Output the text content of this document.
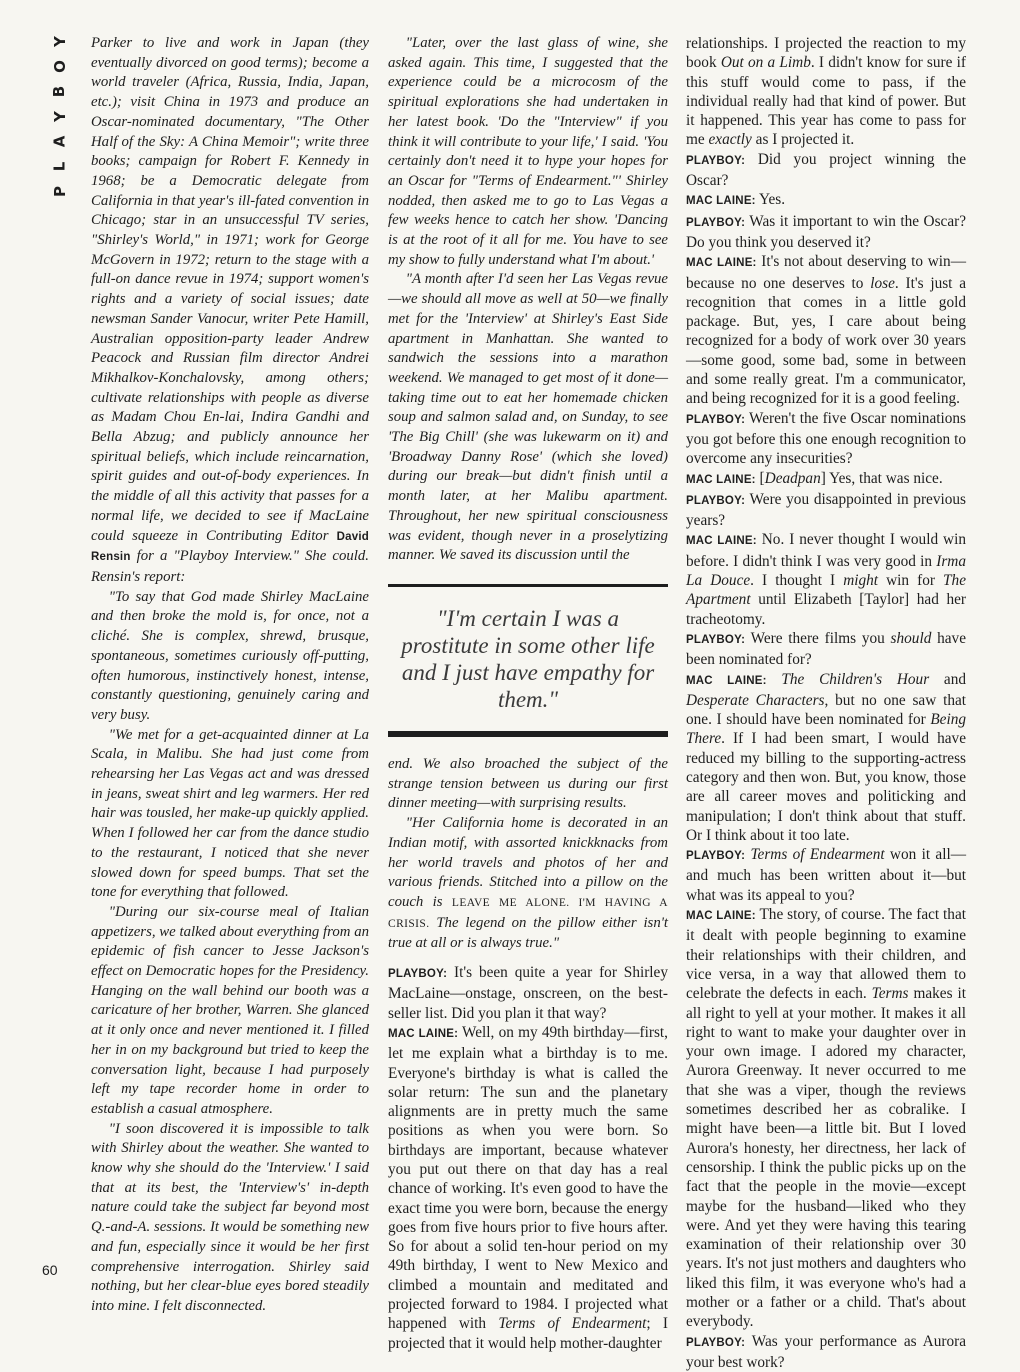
Y
O
B
Y
A
L
P

Parker to live and work in Japan (they eventually divorced on good terms); become a world traveler (Africa, Russia, India, Japan, etc.); visit China in 1973 and produce an Oscar-nominated documentary, "The Other Half of the Sky: A China Memoir"; write three books; campaign for Robert F. Kennedy in 1968; be a Democratic delegate from California in that year's ill-fated convention in Chicago; star in an unsuccessful TV series, "Shirley's World," in 1971; work for George McGovern in 1972; return to the stage with a full-on dance revue in 1974; support women's rights and a variety of social issues; date newsman Sander Vanocur, writer Pete Hamill, Australian opposition-party leader Andrew Peacock and Russian film director Andrei Mikhalkov-Konchalovsky, among others; cultivate relationships with people as diverse as Madam Chou En-lai, Indira Gandhi and Bella Abzug; and publicly announce her spiritual beliefs, which include reincarnation, spirit guides and out-of-body experiences. In the middle of all this activity that passes for a normal life, we decided to see if MacLaine could squeeze in Contributing Editor David Rensin for a "Playboy Interview." She could. Rensin's report:

"To say that God made Shirley MacLaine and then broke the mold is, for once, not a cliché. She is complex, shrewd, brusque, spontaneous, sometimes curiously off-putting, often humorous, instinctively honest, intense, constantly questioning, genuinely caring and very busy.

"We met for a get-acquainted dinner at La Scala, in Malibu. She had just come from rehearsing her Las Vegas act and was dressed in jeans, sweat shirt and leg warmers. Her red hair was tousled, her make-up quickly applied. When I followed her car from the dance studio to the restaurant, I noticed that she never slowed down for speed bumps. That set the tone for everything that followed.

"During our six-course meal of Italian appetizers, we talked about everything from an epidemic of fish cancer to Jesse Jackson's effect on Democratic hopes for the Presidency. Hanging on the wall behind our booth was a caricature of her brother, Warren. She glanced at it only once and never mentioned it. I filled her in on my background but tried to keep the conversation light, because I had purposely left my tape recorder home in order to establish a casual atmosphere.

"I soon discovered it is impossible to talk with Shirley about the weather. She wanted to know why she should do the 'Interview.' I said that at its best, the 'Interview's' in-depth nature could take the subject far beyond most Q.-and-A. sessions. It would be something new and fun, especially since it would be her first comprehensive interrogation. Shirley said nothing, but her clear-blue eyes bored steadily into mine. I felt disconnected.

"Later, over the last glass of wine, she asked again. This time, I suggested that the experience could be a microcosm of the spiritual explorations she had undertaken in her latest book. 'Do the "Interview" if you think it will contribute to your life,' I said. 'You certainly don't need it to hype your hopes for an Oscar for "Terms of Endearment."' Shirley nodded, then asked me to go to Las Vegas a few weeks hence to catch her show. 'Dancing is at the root of it all for me. You have to see my show to fully understand what I'm about.'

"A month after I'd seen her Las Vegas revue—we should all move as well at 50—we finally met for the 'Interview' at Shirley's East Side apartment in Manhattan. She wanted to sandwich the sessions into a marathon weekend. We managed to get most of it done—taking time out to eat her homemade chicken soup and salmon salad and, on Sunday, to see 'The Big Chill' (she was lukewarm on it) and 'Broadway Danny Rose' (which she loved) during our break—but didn't finish until a month later, at her Malibu apartment. Throughout, her new spiritual consciousness was evident, though never in a proselytizing manner. We saved its discussion until the

"I'm certain I was a prostitute in some other life and I just have empathy for them."

end. We also broached the subject of the strange tension between us during our first dinner meeting—with surprising results.

"Her California home is decorated in an Indian motif, with assorted knickknacks from her world travels and photos of her and various friends. Stitched into a pillow on the couch is LEAVE ME ALONE. I'M HAVING A CRISIS. The legend on the pillow either isn't true at all or is always true."

PLAYBOY: It's been quite a year for Shirley MacLaine—onstage, onscreen, on the best-seller list. Did you plan it that way?

MAC LAINE: Well, on my 49th birthday—first, let me explain what a birthday is to me. Everyone's birthday is what is called the solar return: The sun and the planetary alignments are in pretty much the same positions as when you were born. So birthdays are important, because whatever you put out there on that day has a real chance of working. It's even good to have the exact time you were born, because the energy goes from five hours prior to five hours after. So for about a solid ten-hour period on my 49th birthday, I went to New Mexico and climbed a mountain and meditated and projected forward to 1984. I projected what happened with Terms of Endearment; I projected that it would help mother-daughter

relationships. I projected the reaction to my book Out on a Limb. I didn't know for sure if this stuff would come to pass, if the individual really had that kind of power. But it happened. This year has come to pass for me exactly as I projected it.

PLAYBOY: Did you project winning the Oscar?

MAC LAINE: Yes.

PLAYBOY: Was it important to win the Oscar? Do you think you deserved it?

MAC LAINE: It's not about deserving to win—because no one deserves to lose. It's just a recognition that comes in a little gold package. But, yes, I care about being recognized for a body of work over 30 years—some good, some bad, some in between and some really great. I'm a communicator, and being recognized for it is a good feeling.

PLAYBOY: Weren't the five Oscar nominations you got before this one enough recognition to overcome any insecurities?

MAC LAINE: [Deadpan] Yes, that was nice.

PLAYBOY: Were you disappointed in previous years?

MAC LAINE: No. I never thought I would win before. I didn't think I was very good in Irma La Douce. I thought I might win for The Apartment until Elizabeth [Taylor] had her tracheotomy.

PLAYBOY: Were there films you should have been nominated for?

MAC LAINE: The Children's Hour and Desperate Characters, but no one saw that one. I should have been nominated for Being There. If I had been smart, I would have reduced my billing to the supporting-actress category and then won. But, you know, those are all career moves and politicking and manipulation; I don't think about that stuff. Or I think about it too late.

PLAYBOY: Terms of Endearment won it all—and much has been written about it—but what was its appeal to you?

MAC LAINE: The story, of course. The fact that it dealt with people beginning to examine their relationships with their children, and vice versa, in a way that allowed them to celebrate the defects in each. Terms makes it all right to yell at your mother. It makes it all right to want to make your daughter over in your own image. I adored my character, Aurora Greenway. It never occurred to me that she was a viper, though the reviews sometimes described her as cobralike. I might have been—a little bit. But I loved Aurora's honesty, her directness, her lack of censorship. I think the public picks up on the fact that the people in the movie—except maybe for the husband—liked who they were. And yet they were having this tearing examination of their relationship over 30 years. It's not just mothers and daughters who liked this film, it was everyone who's had a mother or a father or a child. That's about everybody.

PLAYBOY: Was your performance as Aurora your best work?

60
